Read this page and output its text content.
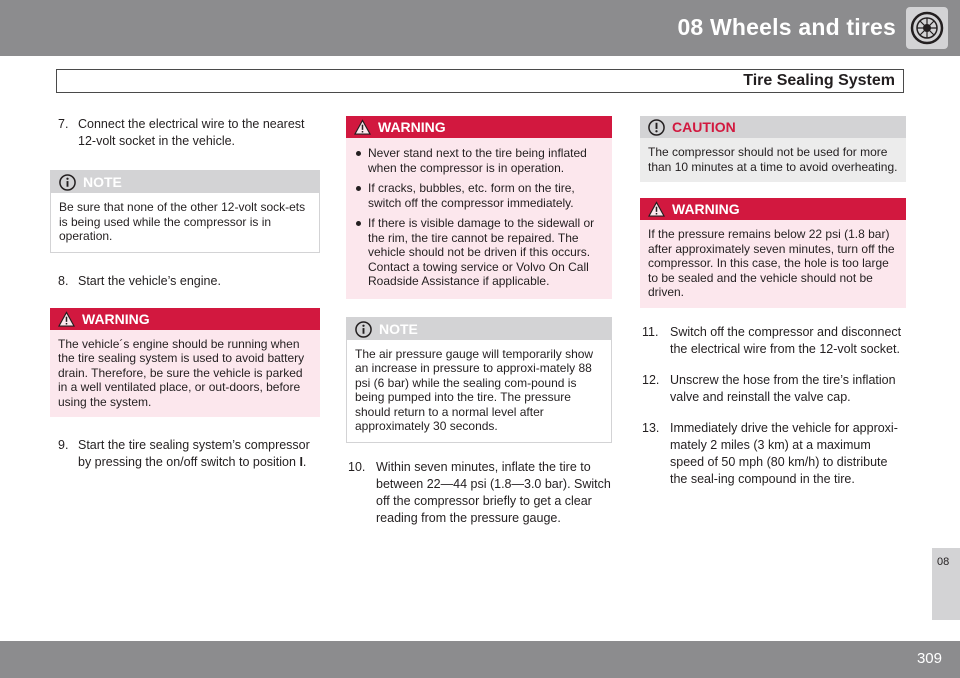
08 Wheels and tires
Tire Sealing System
7. Connect the electrical wire to the nearest 12-volt socket in the vehicle.
NOTE
Be sure that none of the other 12-volt sock-ets is being used while the compressor is in operation.
8. Start the vehicle’s engine.
WARNING
The vehicle´s engine should be running when the tire sealing system is used to avoid battery drain. Therefore, be sure the vehicle is parked in a well ventilated place, or out-doors, before using the system.
9. Start the tire sealing system’s compressor by pressing the on/off switch to position I.
WARNING
Never stand next to the tire being inflated when the compressor is in operation.
If cracks, bubbles, etc. form on the tire, switch off the compressor immediately.
If there is visible damage to the sidewall or the rim, the tire cannot be repaired. The vehicle should not be driven if this occurs. Contact a towing service or Volvo On Call Roadside Assistance if applicable.
NOTE
The air pressure gauge will temporarily show an increase in pressure to approxi-mately 88 psi (6 bar) while the sealing com-pound is being pumped into the tire. The pressure should return to a normal level after approximately 30 seconds.
10. Within seven minutes, inflate the tire to between 22—44 psi (1.8—3.0 bar). Switch off the compressor briefly to get a clear reading from the pressure gauge.
CAUTION
The compressor should not be used for more than 10 minutes at a time to avoid overheating.
WARNING
If the pressure remains below 22 psi (1.8 bar) after approximately seven minutes, turn off the compressor. In this case, the hole is too large to be sealed and the vehicle should not be driven.
11. Switch off the compressor and disconnect the electrical wire from the 12-volt socket.
12. Unscrew the hose from the tire’s inflation valve and reinstall the valve cap.
13. Immediately drive the vehicle for approxi-mately 2 miles (3 km) at a maximum speed of 50 mph (80 km/h) to distribute the seal-ing compound in the tire.
08
309
